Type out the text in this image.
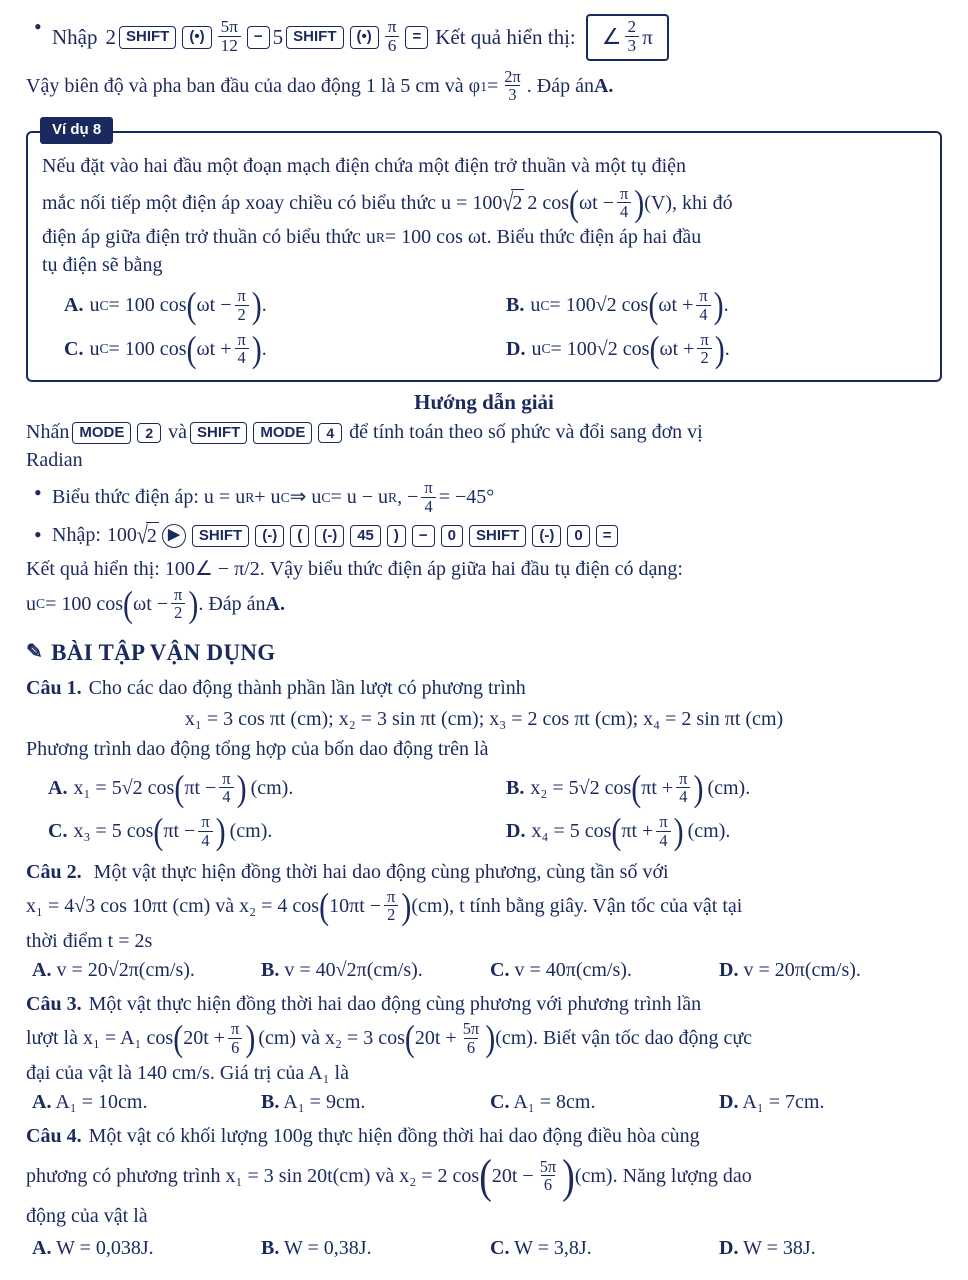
• Nhập 2 SHIFT	(•) $\frac{5\pi}{12} - 5$ SHIFT	(•) $\frac{\pi}{6}$ = Kết quả hiển thị: ∠ $\frac{2}{3}$ π
Vậy biên độ và pha ban đầu của dao động 1 là 5 cm và φ $1 = \frac{2\pi}{3}$ . Đáp án A.
Ví dụ 8
Nếu đặt vào hai đầu một đoạn mạch điện chứa một điện trở thuần và một tụ điện
mắc nối tiếp một điện áp xoay chiều có biểu thức u = 100 √2 2 cos ( $\omega t - \frac{\pi}{4}$ ) (V), khi đó
điện áp giữa điện trở thuần có biểu thức u R = 100 cos ωt. Biểu thức điện áp hai đầu
tụ điện sẽ bằng
A. u C = 100 cos ( $\omega t - \frac{\pi}{2}$ ) .	B. u C = 100√2 cos ( $\omega t + \frac{\pi}{4}$ ) .
C. u C = 100 cos ( $\omega t + \frac{\pi}{4}$ ) .	D. u C = 100√2 cos ( $\omega t + \frac{\pi}{2}$ ) .
Hướng dẫn giải
Nhấn MODE	2 và SHIFT	MODE	4 để tính toán theo số phức và đổi sang đơn vị
Radian
• Biểu thức điện áp: u = u R + u C ⇒ u C = u − u R , − $\frac{\pi}{4} = -45^\circ$
• Nhập: 100 √2 ▶	SHIFT	(-)	(	(-)	45	)	−	0	SHIFT	(-)	0	=
Kết quả hiển thị: 100∠ − π/2. Vậy biểu thức điện áp giữa hai đầu tụ điện có dạng:
u C = 100 cos ( $\omega t - \frac{\pi}{2}$ ) . Đáp án A.
✎ BÀI TẬP VẬN DỤNG
Câu 1. Cho các dao động thành phần lần lượt có phương trình
x₁ = 3 cos πt (cm); x₂ = 3 sin πt (cm); x₃ = 2 cos πt (cm); x₄ = 2 sin πt (cm)
Phương trình dao động tổng hợp của bốn dao động trên là
A. x₁ = 5√2 cos ( $\pi t - \frac{\pi}{4}$ ) (cm).	B. x₂ = 5√2 cos ( $\pi t + \frac{\pi}{4}$ ) (cm).
C. x₃ = 5 cos ( $\pi t - \frac{\pi}{4}$ ) (cm).	D. x₄ = 5 cos ( $\pi t + \frac{\pi}{4}$ ) (cm).
Câu 2. Một vật thực hiện đồng thời hai dao động cùng phương, cùng tần số với
x₁ = 4√3 cos 10πt (cm) và x₂ = 4 cos ( $10\pi t - \frac{\pi}{2}$ ) (cm), t tính bằng giây. Vận tốc của vật tại
thời điểm t = 2s
A. v = 20√2π(cm/s).	B. v = 40√2π(cm/s).	C. v = 40π(cm/s).	D. v = 20π(cm/s).
Câu 3. Một vật thực hiện đồng thời hai dao động cùng phương với phương trình lần
lượt là x₁ = A₁ cos ( $20t + \frac{\pi}{6}$ ) (cm) và x₂ = 3 cos ( $20t + \frac{5\pi}{6}$ ) (cm). Biết vận tốc dao động cực
đại của vật là 140 cm/s. Giá trị của A₁ là
A. A₁ = 10cm.	B. A₁ = 9cm.	C. A₁ = 8cm.	D. A₁ = 7cm.
Câu 4. Một vật có khối lượng 100g thực hiện đồng thời hai dao động điều hòa cùng
phương có phương trình x₁ = 3 sin 20t(cm) và x₂ = 2 cos ( $20t - \frac{5\pi}{6}$ ) (cm). Năng lượng dao
động của vật là
A. W = 0,038J.	B. W = 0,38J.	C. W = 3,8J.	D. W = 38J.
